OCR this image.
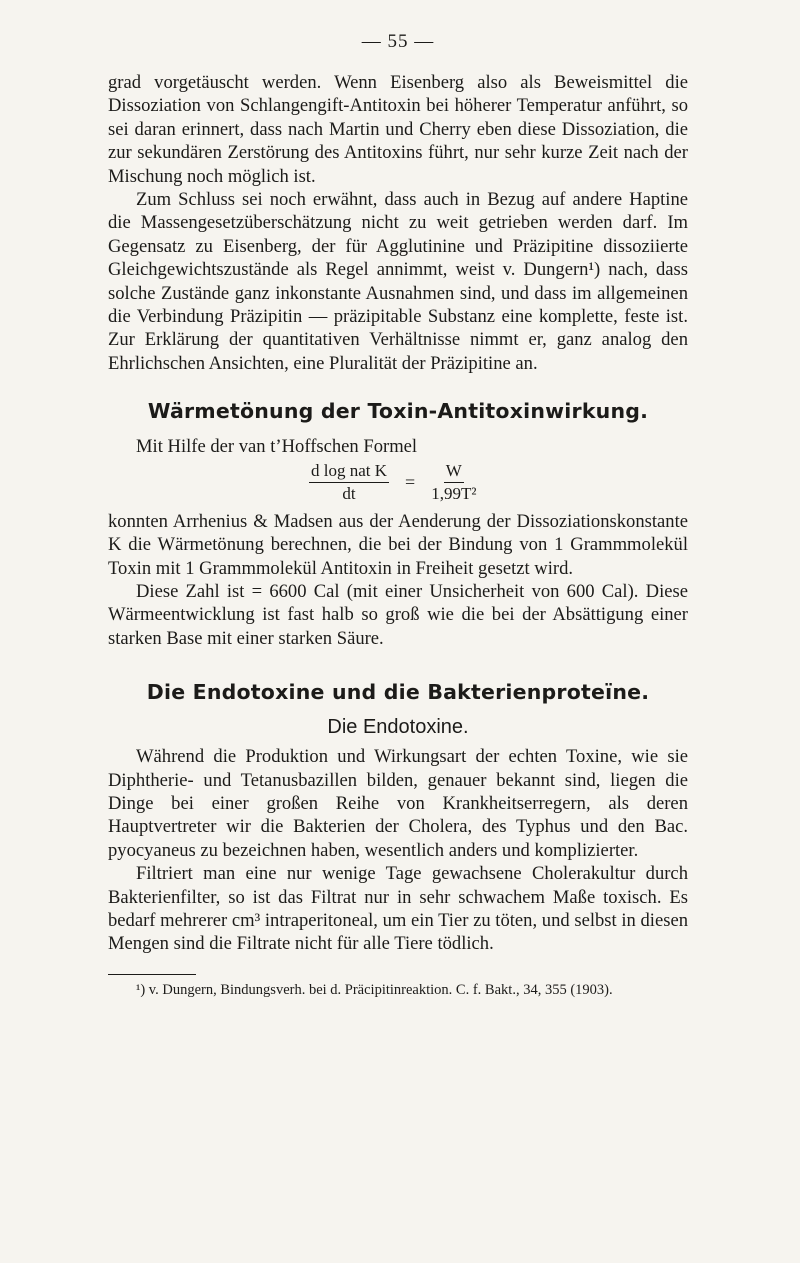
— 55 —

grad vorgetäuscht werden. Wenn Eisenberg also als Beweismittel die Dissoziation von Schlangengift-Antitoxin bei höherer Temperatur anführt, so sei daran erinnert, dass nach Martin und Cherry eben diese Dissoziation, die zur sekundären Zerstörung des Antitoxins führt, nur sehr kurze Zeit nach der Mischung noch möglich ist.

Zum Schluss sei noch erwähnt, dass auch in Bezug auf andere Haptine die Massengesetzüberschätzung nicht zu weit getrieben werden darf. Im Gegensatz zu Eisenberg, der für Agglutinine und Präzipitine dissoziierte Gleichgewichtszustände als Regel annimmt, weist v. Dungern¹) nach, dass solche Zustände ganz inkonstante Ausnahmen sind, und dass im allgemeinen die Verbindung Präzipitin — präzipitable Substanz eine komplette, feste ist. Zur Erklärung der quantitativen Verhältnisse nimmt er, ganz analog den Ehrlichschen Ansichten, eine Pluralität der Präzipitine an.

Wärmetönung der Toxin-Antitoxinwirkung.

Mit Hilfe der van t’Hoffschen Formel

$\frac{\text{d log nat K}}{dt} = \frac{W}{\text{1,99T²}}$

konnten Arrhenius & Madsen aus der Aenderung der Dissoziationskonstante K die Wärmetönung berechnen, die bei der Bindung von 1 Grammmolekül Toxin mit 1 Grammmolekül Antitoxin in Freiheit gesetzt wird.

Diese Zahl ist = 6600 Cal (mit einer Unsicherheit von 600 Cal). Diese Wärmeentwicklung ist fast halb so groß wie die bei der Absättigung einer starken Base mit einer starken Säure.

Die Endotoxine und die Bakterienproteïne.
Die Endotoxine.

Während die Produktion und Wirkungsart der echten Toxine, wie sie Diphtherie- und Tetanusbazillen bilden, genauer bekannt sind, liegen die Dinge bei einer großen Reihe von Krankheitserregern, als deren Hauptvertreter wir die Bakterien der Cholera, des Typhus und den Bac. pyocyaneus zu bezeichnen haben, wesentlich anders und komplizierter.

Filtriert man eine nur wenige Tage gewachsene Cholerakultur durch Bakterienfilter, so ist das Filtrat nur in sehr schwachem Maße toxisch. Es bedarf mehrerer cm³ intraperitoneal, um ein Tier zu töten, und selbst in diesen Mengen sind die Filtrate nicht für alle Tiere tödlich.

¹) v. Dungern, Bindungsverh. bei d. Präcipitinreaktion. C. f. Bakt., 34, 355 (1903).
